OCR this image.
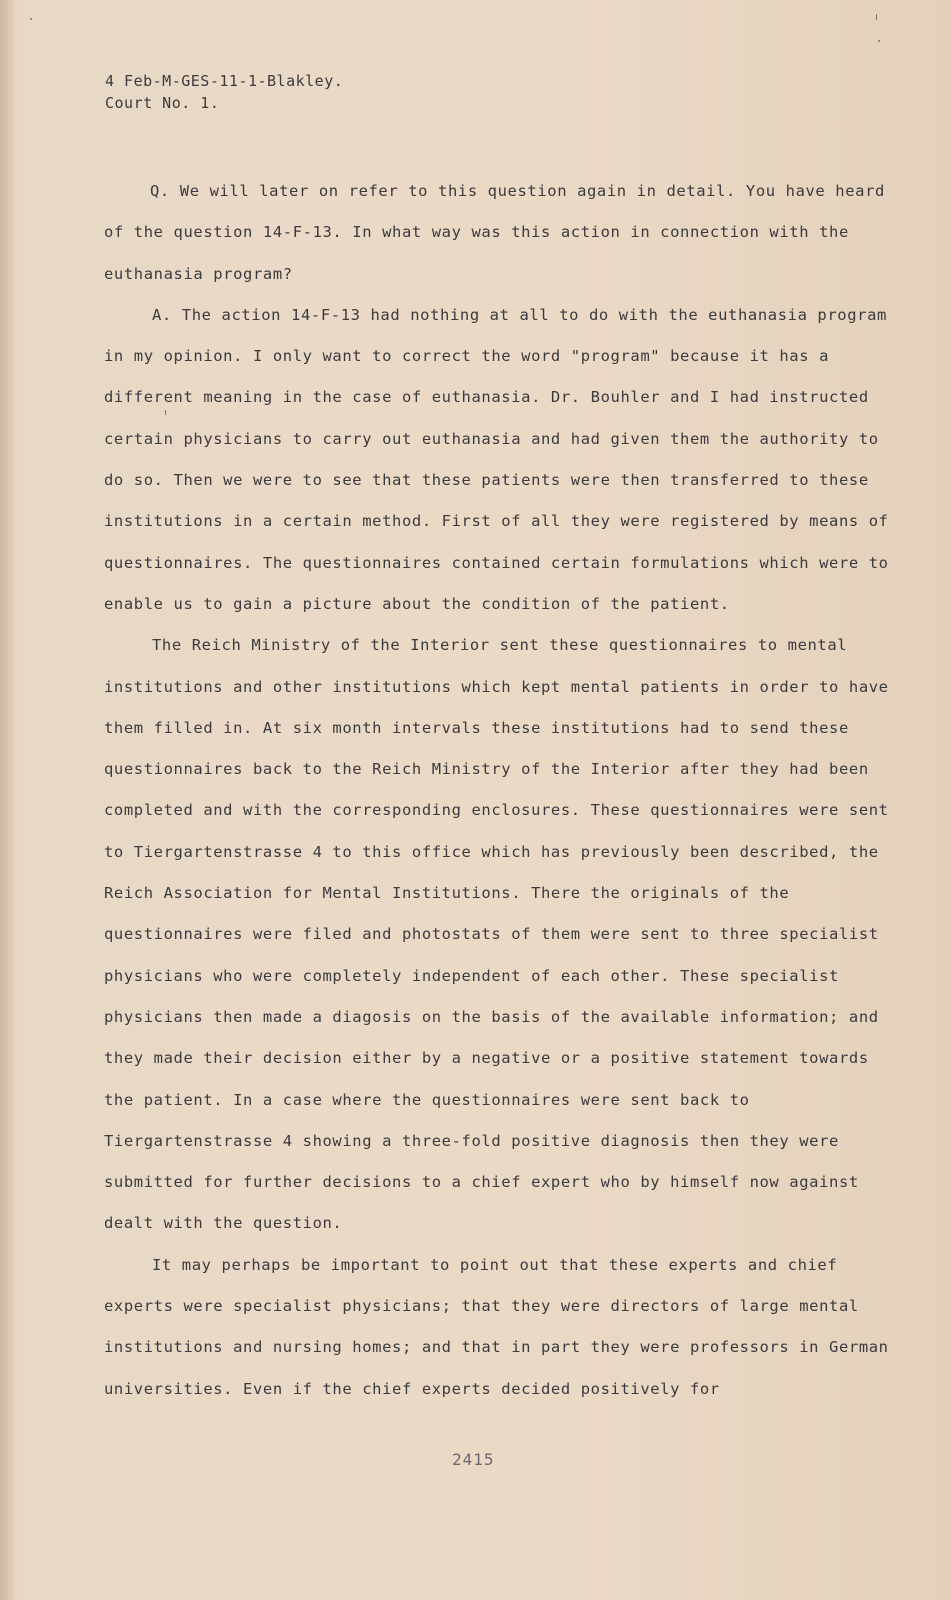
4 Feb-M-GES-11-1-Blakley.
Court No. 1.

Q. We will later on refer to this question again in detail. You have heard of the question 14-F-13. In what way was this action in connection with the euthanasia program?

A. The action 14-F-13 had nothing at all to do with the euthanasia program in my opinion. I only want to correct the word "program" because it has a different meaning in the case of euthanasia. Dr. Bouhler and I had instructed certain physicians to carry out euthanasia and had given them the authority to do so. Then we were to see that these patients were then transferred to these institutions in a certain method. First of all they were registered by means of questionnaires. The questionnaires contained certain formulations which were to enable us to gain a picture about the condition of the patient.

The Reich Ministry of the Interior sent these questionnaires to mental institutions and other institutions which kept mental patients in order to have them filled in. At six month intervals these institutions had to send these questionnaires back to the Reich Ministry of the Interior after they had been completed and with the corresponding enclosures. These questionnaires were sent to Tiergartenstrasse 4 to this office which has previously been described, the Reich Association for Mental Institutions. There the originals of the questionnaires were filed and photostats of them were sent to three specialist physicians who were completely independent of each other. These specialist physicians then made a diagosis on the basis of the available information; and they made their decision either by a negative or a positive statement towards the patient. In a case where the questionnaires were sent back to Tiergartenstrasse 4 showing a three-fold positive diagnosis then they were submitted for further decisions to a chief expert who by himself now against dealt with the question.

It may perhaps be important to point out that these experts and chief experts were specialist physicians; that they were directors of large mental institutions and nursing homes; and that in part they were professors in German universities. Even if the chief experts decided positively for

2415
